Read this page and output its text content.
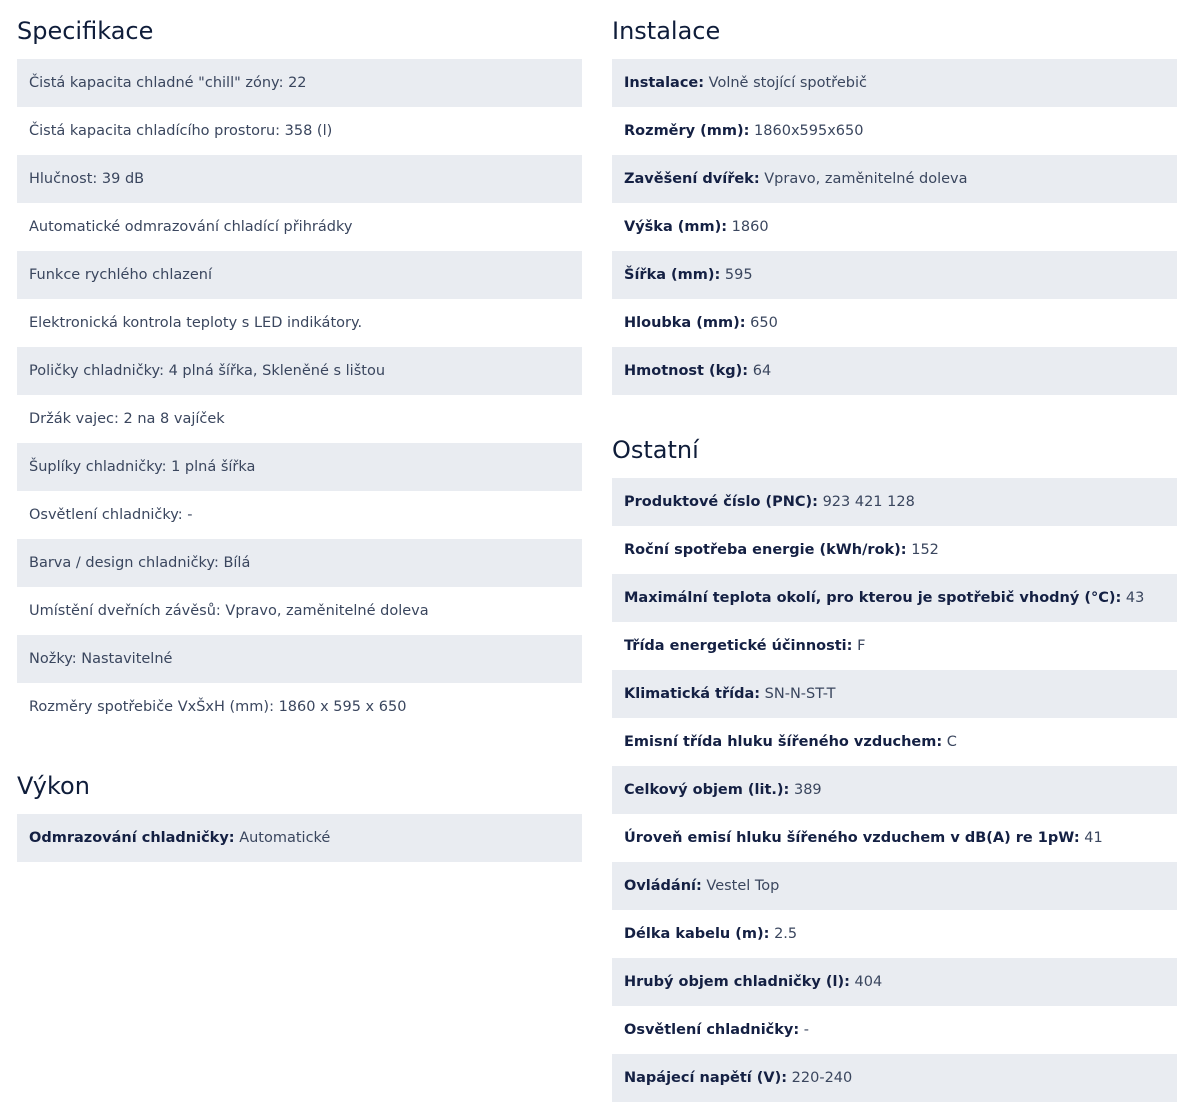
Specifikace
Čistá kapacita chladné "chill" zóny: 22
Čistá kapacita chladícího prostoru: 358 (l)
Hlučnost: 39 dB
Automatické odmrazování chladící přihrádky
Funkce rychlého chlazení
Elektronická kontrola teploty s LED indikátory.
Poličky chladničky: 4 plná šířka, Skleněné s lištou
Držák vajec: 2 na 8 vajíček
Šuplíky chladničky: 1 plná šířka
Osvětlení chladničky: -
Barva / design chladničky: Bílá
Umístění dveřních závěsů: Vpravo, zaměnitelné doleva
Nožky: Nastavitelné
Rozměry spotřebiče VxŠxH (mm): 1860 x 595 x 650
Výkon
Odmrazování chladničky: Automatické
Instalace
Instalace: Volně stojící spotřebič
Rozměry (mm): 1860x595x650
Zavěšení dvířek: Vpravo, zaměnitelné doleva
Výška (mm): 1860
Šířka (mm): 595
Hloubka (mm): 650
Hmotnost (kg): 64
Ostatní
Produktové číslo (PNC): 923 421 128
Roční spotřeba energie (kWh/rok): 152
Maximální teplota okolí, pro kterou je spotřebič vhodný (°C): 43
Třída energetické účinnosti: F
Klimatická třída: SN-N-ST-T
Emisní třída hluku šířeného vzduchem: C
Celkový objem (lit.): 389
Úroveň emisí hluku šířeného vzduchem v dB(A) re 1pW: 41
Ovládání: Vestel Top
Délka kabelu (m): 2.5
Hrubý objem chladničky (l): 404
Osvětlení chladničky: -
Napájecí napětí (V): 220-240
